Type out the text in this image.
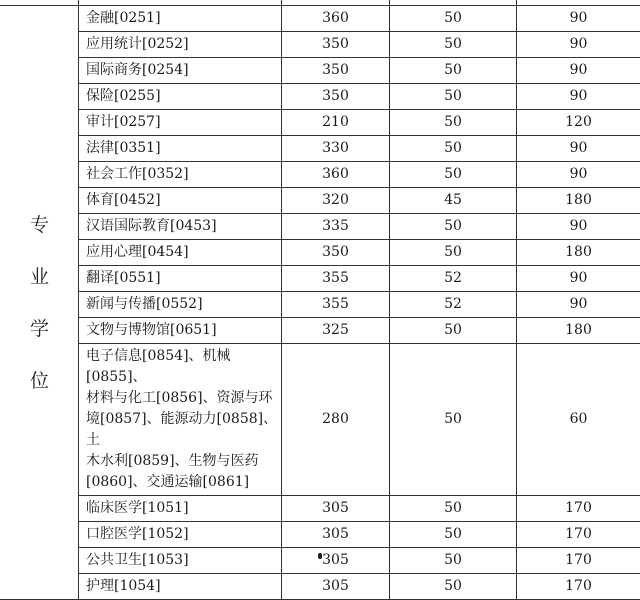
专
业
学
位	金融[0251]	360	50	90
	应用统计[0252]	350	50	90
	国际商务[0254]	350	50	90
	保险[0255]	350	50	90
	审计[0257]	210	50	120
	法律[0351]	330	50	90
	社会工作[0352]	360	50	90
	体育[0452]	320	45	180
	汉语国际教育[0453]	335	50	90
	应用心理[0454]	350	50	180
	翻译[0551]	355	52	90
	新闻与传播[0552]	355	52	90
	文物与博物馆[0651]	325	50	180

	电子信息[0854]、机械[0855]、
材料与化工[0856]、资源与环
境[0857]、能源动力[0858]、土
木水利[0859]、生物与医药
[0860]、交通运输[0861]	280	50	60
	临床医学[1051]	305	50	170
	口腔医学[1052]	305	50	170
	公共卫生[1053]	305	50	170
	护理[1054]	305	50	170
